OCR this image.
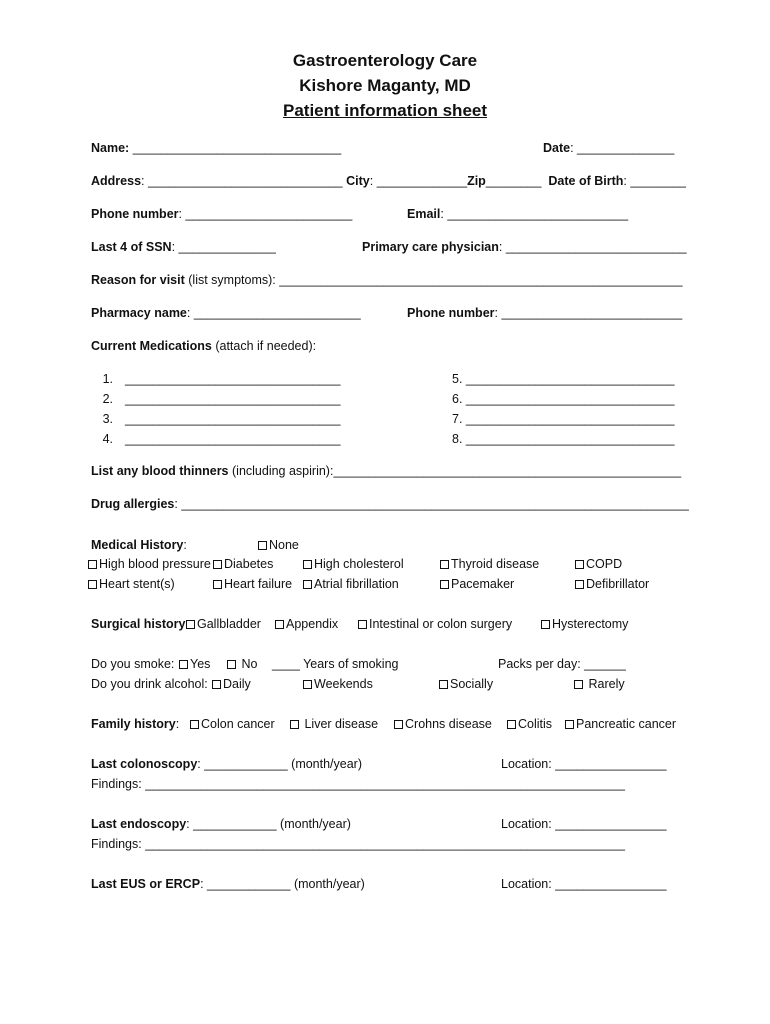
Gastroenterology Care
Kishore Maganty, MD
Patient information sheet
Name: ______________________________	Date: ______________
Address: ____________________________ City: _____________Zip________ Date of Birth: ________
Phone number: ________________________	Email: __________________________
Last 4 of SSN: ______________	Primary care physician: __________________________
Reason for visit (list symptoms): __________________________________________________________
Pharmacy name: ________________________	Phone number: __________________________
Current Medications (attach if needed):
1. _______________________________
2. _______________________________
3. _______________________________
4. _______________________________
5. ______________________________
6. ______________________________
7. ______________________________
8. ______________________________
List any blood thinners (including aspirin):__________________________________________________
Drug allergies: _________________________________________________________________________
Medical History:	None
High blood pressure	Diabetes	High cholesterol	Thyroid disease	COPD
Heart stent(s)	Heart failure	Atrial fibrillation	Pacemaker	Defibrillator
Surgical history Gallbladder	Appendix	Intestinal or colon surgery	Hysterectomy
Do you smoke:	Yes	No ____ Years of smoking	Packs per day: ______
Do you drink alcohol:	Daily	Weekends	Socially	Rarely
Family history:	Colon cancer	Liver disease	Crohns disease	Colitis	Pancreatic cancer
Last colonoscopy: ____________ (month/year)	Location: ________________
Findings: _____________________________________________________________________
Last endoscopy: ____________ (month/year)	Location: ________________
Findings: _____________________________________________________________________
Last EUS or ERCP: ____________ (month/year)	Location: ________________
